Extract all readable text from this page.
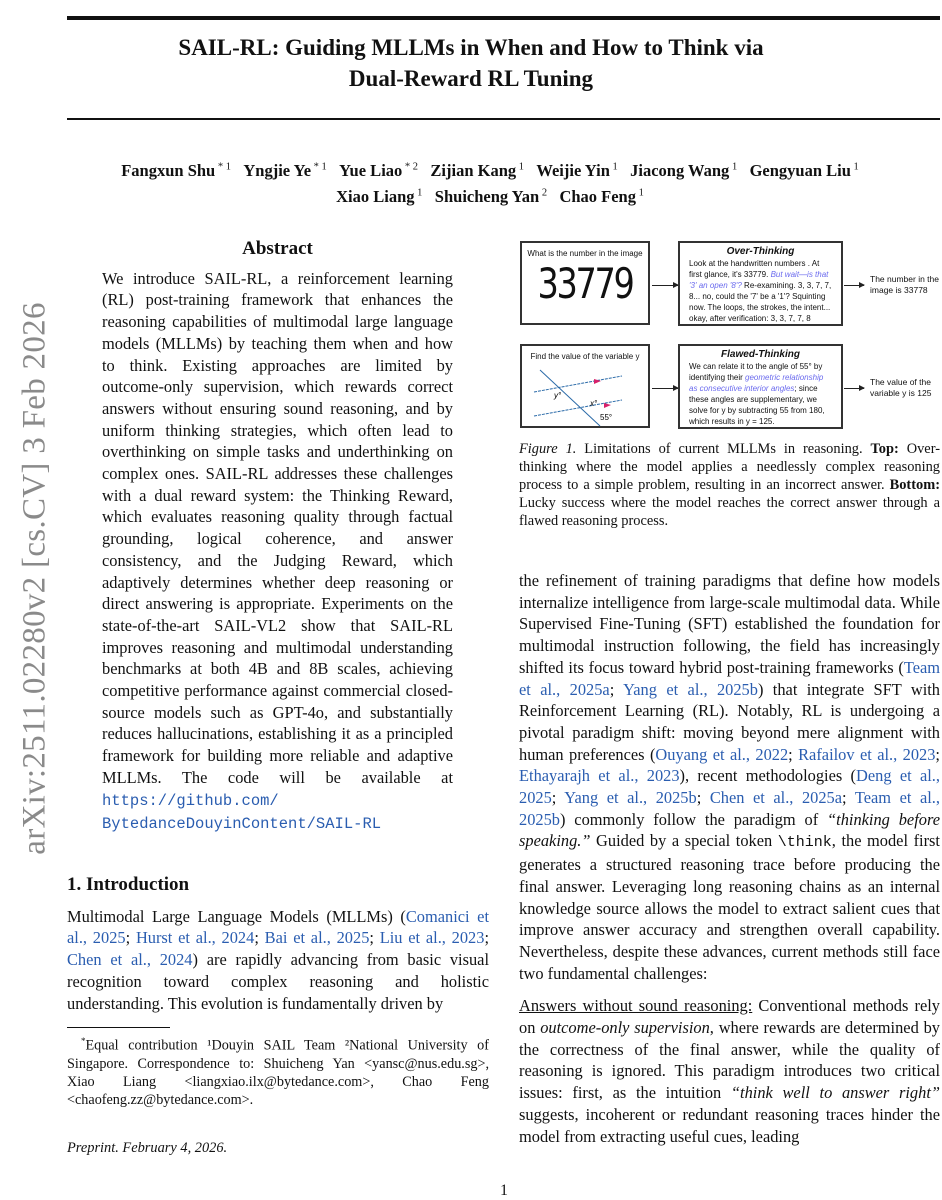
arXiv:2511.02280v2 [cs.CV] 3 Feb 2026
SAIL-RL: Guiding MLLMs in When and How to Think via
Dual-Reward RL Tuning
Fangxun Shu $^{* 1}$ Yngjie Ye $^{* 1}$ Yue Liao $^{* 2}$ Zijian Kang $^1$ Weijie Yin $^1$ Jiacong Wang $^1$ Gengyuan Liu $^1$
Xiao Liang $^1$ Shuicheng Yan $^2$ Chao Feng $^1$
Abstract

We introduce SAIL-RL, a reinforcement learning (RL) post-training framework that enhances the reasoning capabilities of multimodal large language models (MLLMs) by teaching them when and how to think. Existing approaches are limited by outcome-only supervision, which rewards correct answers without ensuring sound reasoning, and by uniform thinking strategies, which often lead to overthinking on simple tasks and underthinking on complex ones. SAIL-RL addresses these challenges with a dual reward system: the Thinking Reward, which evaluates reasoning quality through factual grounding, logical coherence, and answer consistency, and the Judging Reward, which adaptively determines whether deep reasoning or direct answering is appropriate. Experiments on the state-of-the-art SAIL-VL2 show that SAIL-RL improves reasoning and multimodal understanding benchmarks at both 4B and 8B scales, achieving competitive performance against commercial closed-source models such as GPT-4o, and substantially reduces hallucinations, establishing it as a principled framework for building more reliable and adaptive MLLMs. The code will be available at https://github.com/ BytedanceDouyinContent/SAIL-RL

1. Introduction

Multimodal Large Language Models (MLLMs) (Comanici et al., 2025; Hurst et al., 2024; Bai et al., 2025; Liu et al., 2023; Chen et al., 2024) are rapidly advancing from basic visual recognition toward complex reasoning and holistic understanding. This evolution is fundamentally driven by

*Equal contribution ¹Douyin SAIL Team ²National University of Singapore. Correspondence to: Shuicheng Yan <yansc@nus.edu.sg>, Xiao Liang <liangxiao.ilx@bytedance.com>, Chao Feng <chaofeng.zz@bytedance.com>.
Preprint. February 4, 2026.
What is the number in the image
33779
Over-Thinking
Look at the handwritten numbers . At first glance, it's 33779. But wait—is that '3' an open '8'? Re-examining. 3, 3, 7, 7, 8... no, could the '7' be a '1'? Squinting now. The loops, the strokes, the intent... okay, after verification: 3, 3, 7, 7, 8
The number in the image is 33778
Find the value of the variable y
y°
x°
55°
Flawed-Thinking
We can relate it to the angle of 55° by identifying their geometric relationship as consecutive interior angles; since these angles are supplementary, we solve for y by subtracting 55 from 180, which results in y = 125.
The value of the variable y is 125
Figure 1. Limitations of current MLLMs in reasoning. Top: Over-thinking where the model applies a needlessly complex reasoning process to a simple problem, resulting in an incorrect answer. Bottom: Lucky success where the model reaches the correct answer through a flawed reasoning process.

the refinement of training paradigms that define how models internalize intelligence from large-scale multimodal data. While Supervised Fine-Tuning (SFT) established the foundation for multimodal instruction following, the field has increasingly shifted its focus toward hybrid post-training frameworks (Team et al., 2025a; Yang et al., 2025b) that integrate SFT with Reinforcement Learning (RL). Notably, RL is undergoing a pivotal paradigm shift: moving beyond mere alignment with human preferences (Ouyang et al., 2022; Rafailov et al., 2023; Ethayarajh et al., 2023), recent methodologies (Deng et al., 2025; Yang et al., 2025b; Chen et al., 2025a; Team et al., 2025b) commonly follow the paradigm of “thinking before speaking.” Guided by a special token \think, the model first generates a structured reasoning trace before producing the final answer. Leveraging long reasoning chains as an internal knowledge source allows the model to extract salient cues that improve answer accuracy and strengthen overall capability. Nevertheless, despite these advances, current methods still face two fundamental challenges:

Answers without sound reasoning: Conventional methods rely on outcome-only supervision, where rewards are determined by the correctness of the final answer, while the quality of reasoning is ignored. This paradigm introduces two critical issues: first, as the intuition “think well to answer right” suggests, incoherent or redundant reasoning traces hinder the model from extracting useful cues, leading

1
